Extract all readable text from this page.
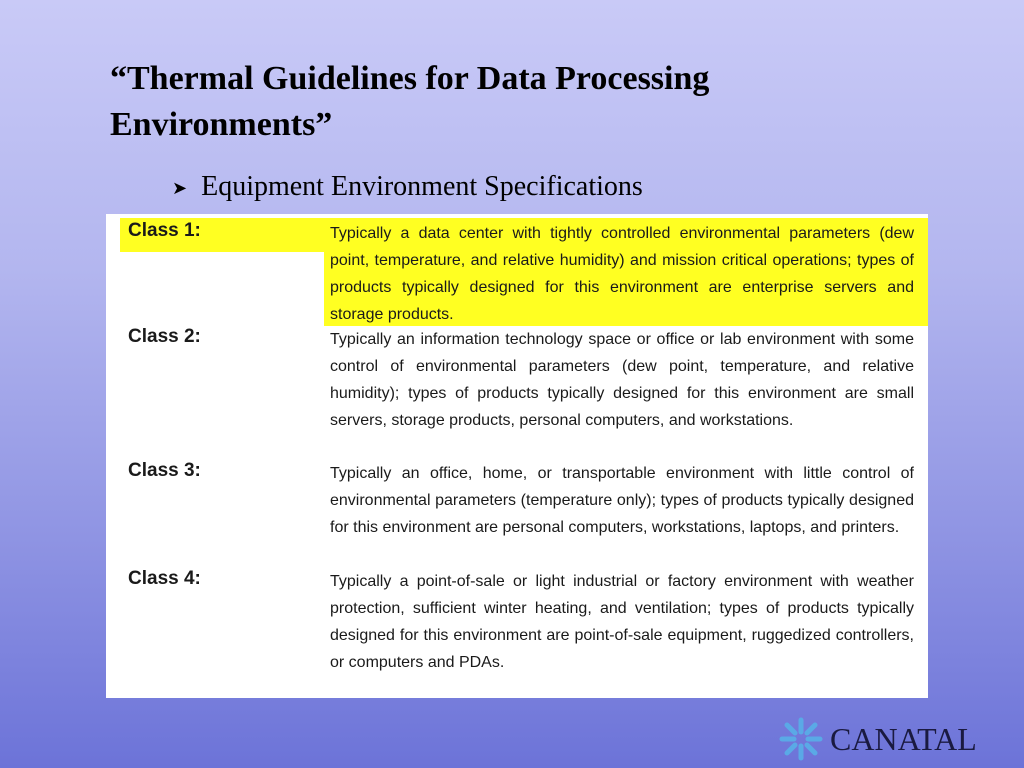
“Thermal Guidelines for Data Processing Environments”
➤ Equipment Environment Specifications
Class 1:	Typically a data center with tightly controlled environmental parameters (dew point, temperature, and relative humidity) and mission critical operations; types of products typically designed for this environment are enterprise servers and storage products.
Class 2:	Typically an information technology space or office or lab environment with some control of environmental parameters (dew point, temperature, and relative humidity); types of products typically designed for this environment are small servers, storage products, personal computers, and workstations.
Class 3:	Typically an office, home, or transportable environment with little control of environmental parameters (temperature only); types of products typically designed for this environment are personal computers, workstations, laptops, and printers.
Class 4:	Typically a point-of-sale or light industrial or factory environment with weather protection, sufficient winter heating, and ventilation; types of products typically designed for this environment are point-of-sale equipment, ruggedized controllers, or computers and PDAs.
CANATAL
